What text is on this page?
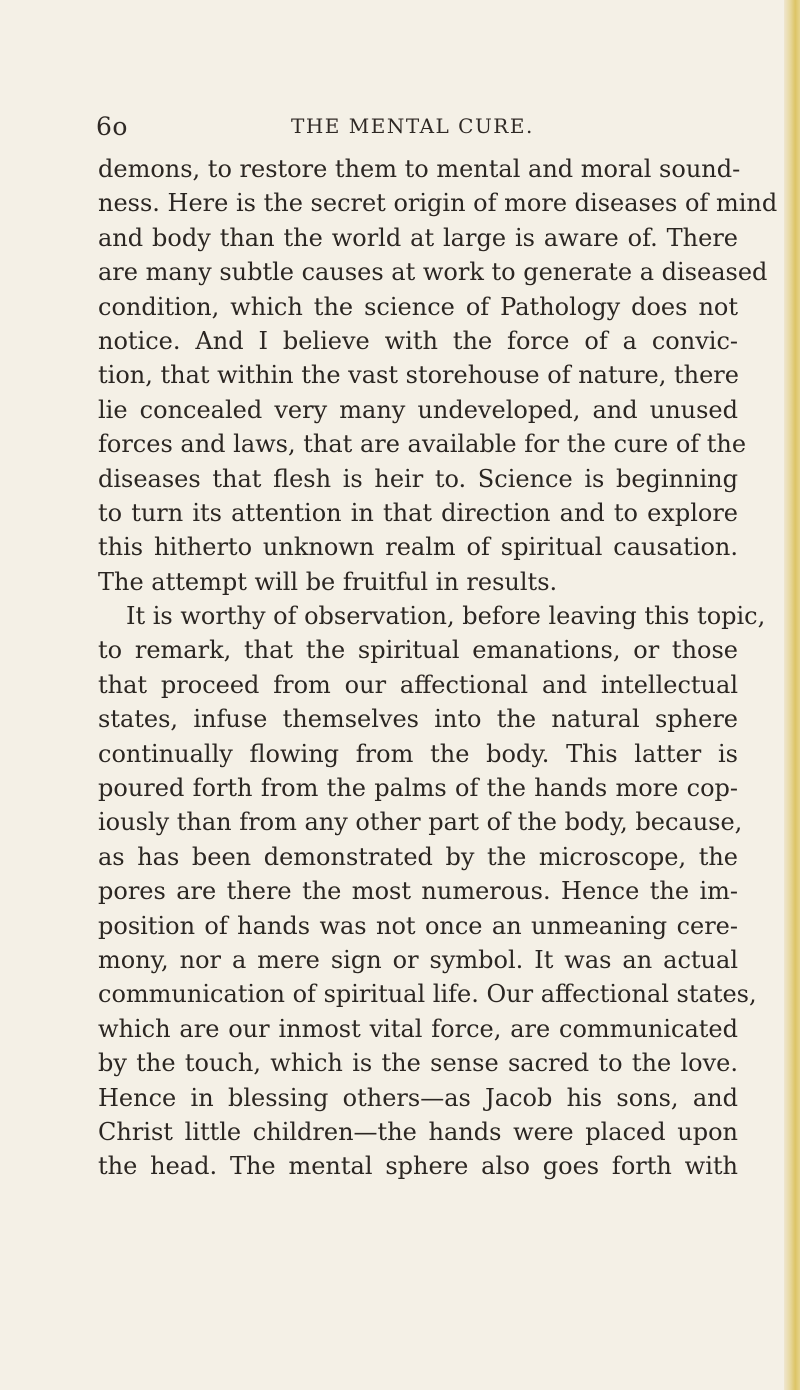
6o	THE MENTAL CURE.
demons, to restore them to mental and moral sound-
ness. Here is the secret origin of more diseases of mind
and body than the world at large is aware of. There
are many subtle causes at work to generate a diseased
condition, which the science of Pathology does not
notice. And I believe with the force of a convic-
tion, that within the vast storehouse of nature, there
lie concealed very many undeveloped, and unused
forces and laws, that are available for the cure of the
diseases that flesh is heir to. Science is beginning
to turn its attention in that direction and to explore
this hitherto unknown realm of spiritual causation.
The attempt will be fruitful in results.
It is worthy of observation, before leaving this topic,
to remark, that the spiritual emanations, or those
that proceed from our affectional and intellectual
states, infuse themselves into the natural sphere
continually flowing from the body. This latter is
poured forth from the palms of the hands more cop-
iously than from any other part of the body, because,
as has been demonstrated by the microscope, the
pores are there the most numerous. Hence the im-
position of hands was not once an unmeaning cere-
mony, nor a mere sign or symbol. It was an actual
communication of spiritual life. Our affectional states,
which are our inmost vital force, are communicated
by the touch, which is the sense sacred to the love.
Hence in blessing others—as Jacob his sons, and
Christ little children—the hands were placed upon
the head. The mental sphere also goes forth with
